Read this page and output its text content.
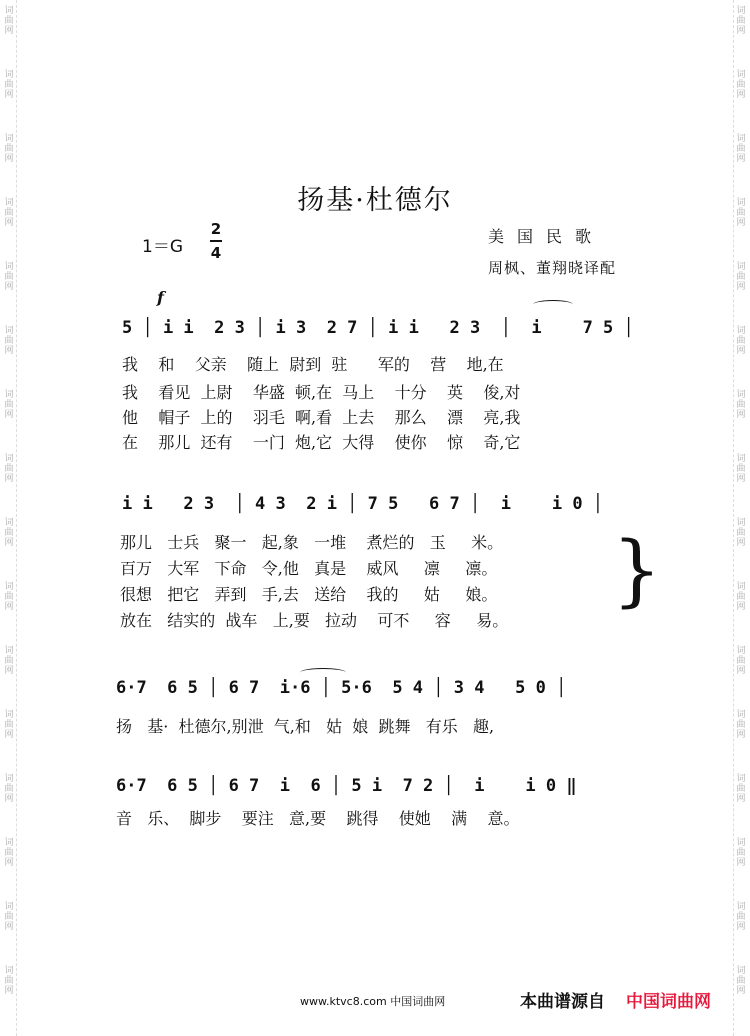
词
曲
网
词
曲
网
词
曲
网
词
曲
网
词
曲
网
词
曲
网
词
曲
网
词
曲
网
词
曲
网
词
曲
网
词
曲
网
词
曲
网
词
曲
网
词
曲
网
词
曲
网
词
曲
网
词
曲
网
词
曲
网
词
曲
网
词
曲
网
词
曲
网
词
曲
网
词
曲
网
词
曲
网
词
曲
网
词
曲
网
词
曲
网
词
曲
网
词
曲
网
词
曲
网
词
曲
网
词
曲
网
扬基·杜德尔
1＝G
2
4
美国民歌
周枫、董翔晓译配
f
5 │ i i  2 3 │ i 3  2 7 │ i i   2 3  │  i    7 5 │
我    和    父亲    随上  尉到  驻      军的    营    地,在
我    看见  上尉    华盛  顿,在  马上    十分    英    俊,对
他    帽子  上的    羽毛  啊,看  上去    那么    漂    亮,我
在    那儿  还有    一门  炮,它  大得    使你    惊    奇,它
i i   2 3  │ 4 3  2 i │ 7 5   6 7 │  i    i 0 │
那儿   士兵   聚一   起,象   一堆    煮烂的   玉     米。
百万   大军   下命   令,他   真是    威风     凛     凛。
很想   把它   弄到   手,去   送给    我的     姑     娘。
放在   结实的  战车   上,要   拉动    可不     容     易。
}
6·7  6 5 │ 6 7  i·6 │ 5·6  5 4 │ 3 4   5 0 │
扬   基·  杜德尔,别泄  气,和   姑  娘  跳舞   有乐   趣,
6·7  6 5 │ 6 7  i  6 │ 5 i  7 2 │  i    i 0 ‖
音   乐、  脚步    要注   意,要    跳得    使她    满    意。
www.ktvc8.com 中国词曲网	本曲谱源自 中国词曲网
